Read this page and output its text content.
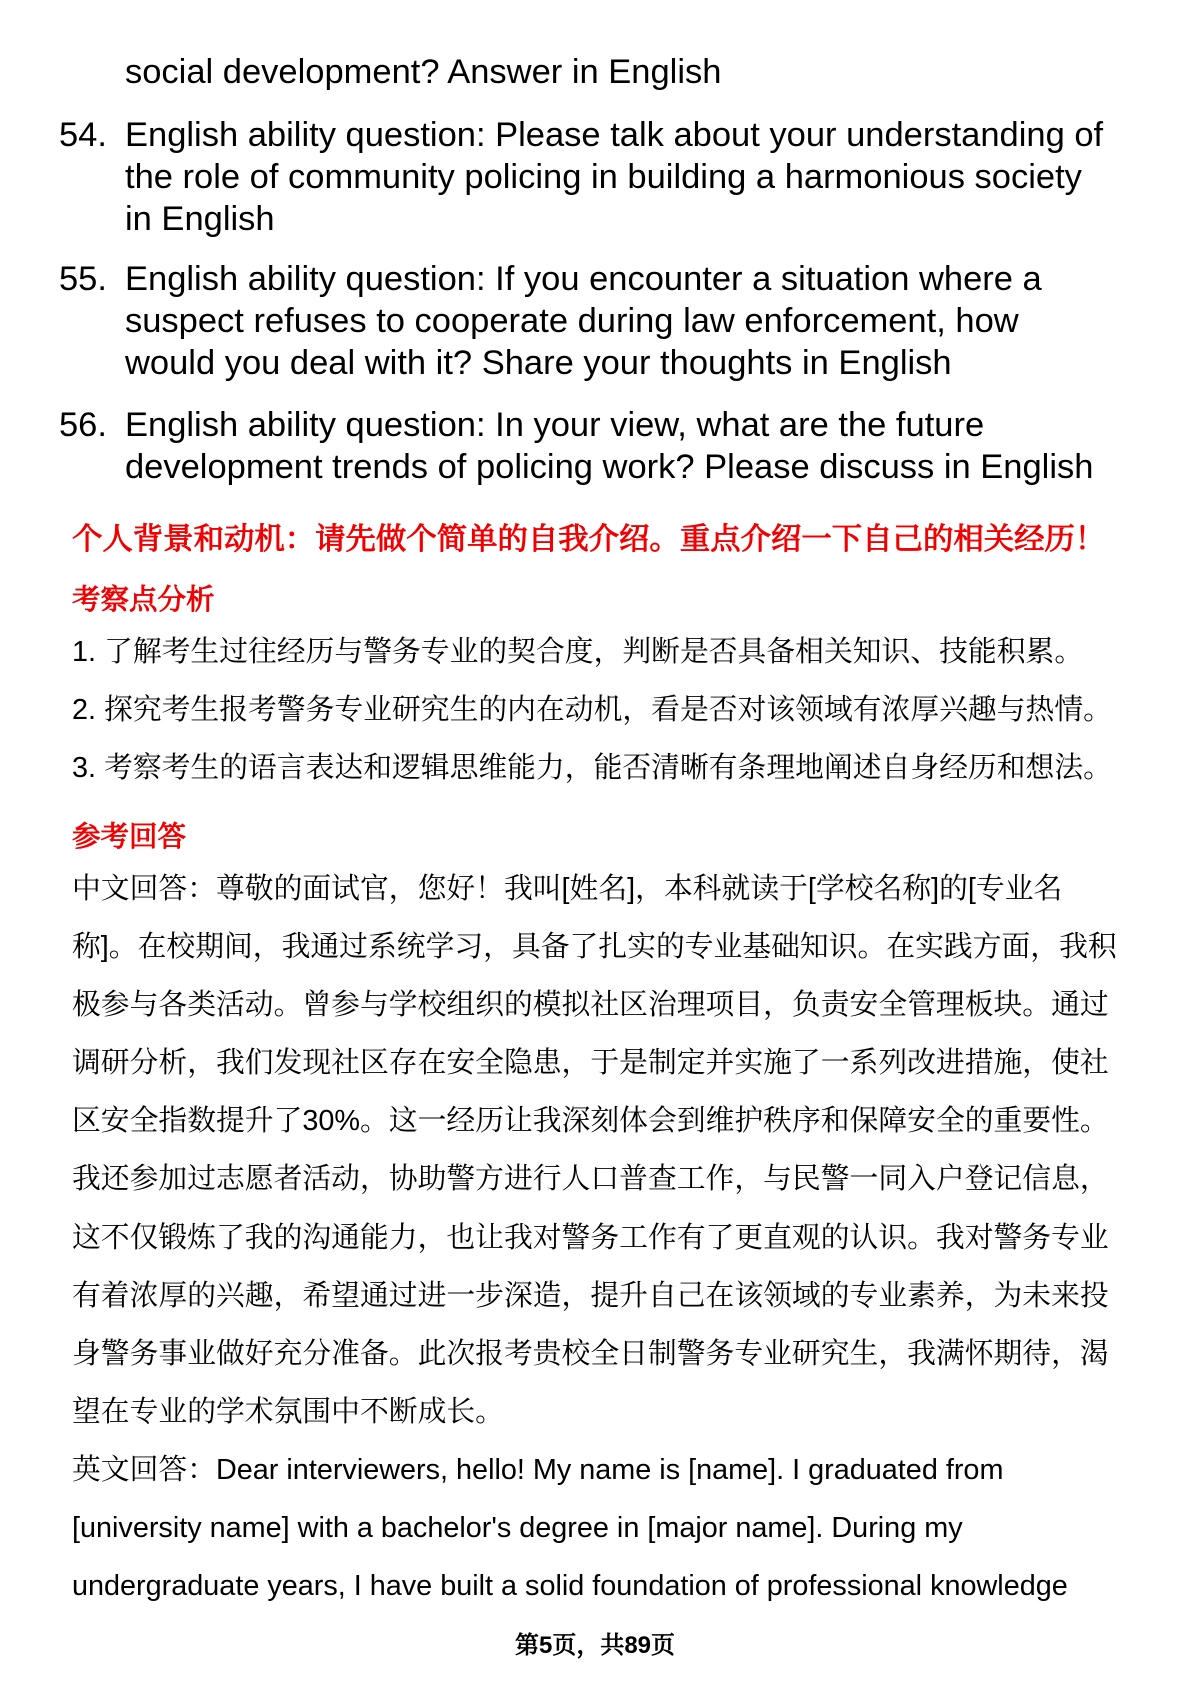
social development? Answer in English
54. English ability question: Please talk about your understanding of
the role of community policing in building a harmonious society
in English
55. English ability question: If you encounter a situation where a
suspect refuses to cooperate during law enforcement, how
would you deal with it? Share your thoughts in English
56. English ability question: In your view, what are the future
development trends of policing work? Please discuss in English
个人背景和动机：请先做个简单的自我介绍。重点介绍一下自己的相关经历！
考察点分析
1. 了解考生过往经历与警务专业的契合度，判断是否具备相关知识、技能积累。
2. 探究考生报考警务专业研究生的内在动机，看是否对该领域有浓厚兴趣与热情。
3. 考察考生的语言表达和逻辑思维能力，能否清晰有条理地阐述自身经历和想法。
参考回答
中文回答：尊敬的面试官，您好！我叫[姓名]，本科就读于[学校名称]的[专业名
称]。在校期间，我通过系统学习，具备了扎实的专业基础知识。在实践方面，我积
极参与各类活动。曾参与学校组织的模拟社区治理项目，负责安全管理板块。通过
调研分析，我们发现社区存在安全隐患，于是制定并实施了一系列改进措施，使社
区安全指数提升了30%。这一经历让我深刻体会到维护秩序和保障安全的重要性。
我还参加过志愿者活动，协助警方进行人口普查工作，与民警一同入户登记信息，
这不仅锻炼了我的沟通能力，也让我对警务工作有了更直观的认识。我对警务专业
有着浓厚的兴趣，希望通过进一步深造，提升自己在该领域的专业素养，为未来投
身警务事业做好充分准备。此次报考贵校全日制警务专业研究生，我满怀期待，渴
望在专业的学术氛围中不断成长。
英文回答：Dear interviewers, hello! My name is [name]. I graduated from
[university name] with a bachelor's degree in [major name]. During my
undergraduate years, I have built a solid foundation of professional knowledge
第5页，共89页
